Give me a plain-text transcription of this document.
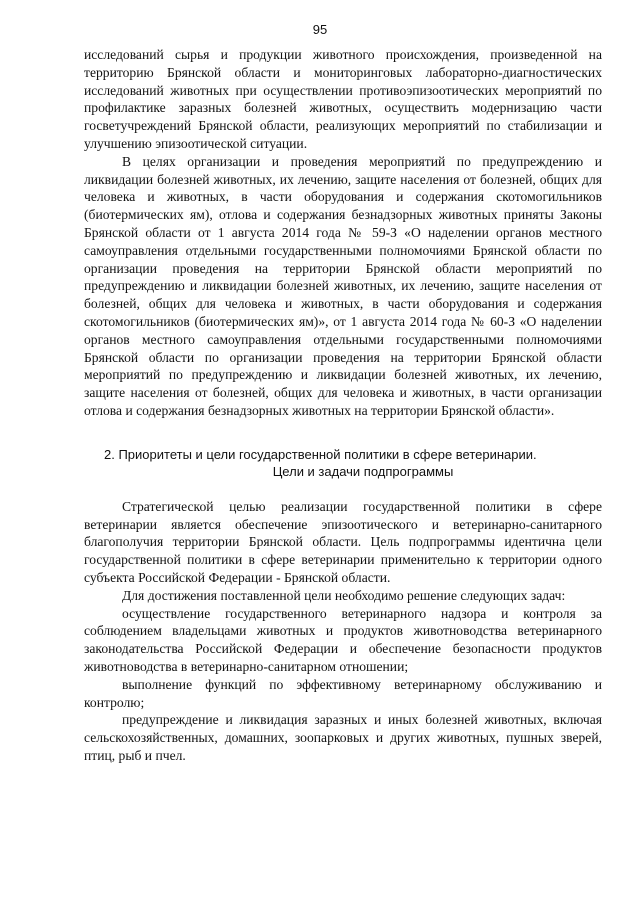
95

исследований сырья и продукции животного происхождения, произведенной на территорию Брянской области и мониторинговых лабораторно-диагностических исследований животных при осуществлении противоэпизоотических мероприятий по профилактике заразных болезней животных, осуществить модернизацию части госветучреждений Брянской области, реализующих мероприятий по стабилизации и улучшению эпизоотической ситуации.

В целях организации и проведения мероприятий по предупреждению и ликвидации болезней животных, их лечению, защите населения от болезней, общих для человека и животных, в части оборудования и содержания скотомогильников (биотермических ям), отлова и содержания безнадзорных животных приняты Законы Брянской области от 1 августа 2014 года № 59-З «О наделении органов местного самоуправления отдельными государственными полномочиями Брянской области по организации проведения на территории Брянской области мероприятий по предупреждению и ликвидации болезней животных, их лечению, защите населения от болезней, общих для человека и животных, в части оборудования и содержания скотомогильников (биотермических ям)», от 1 августа 2014 года № 60-З «О наделении органов местного самоуправления отдельными государственными полномочиями Брянской области по организации проведения на территории Брянской области мероприятий по предупреждению и ликвидации болезней животных, их лечению, защите населения от болезней, общих для человека и животных, в части организации отлова и содержания безнадзорных животных на территории Брянской области».

2. Приоритеты и цели государственной политики в сфере ветеринарии.
Цели и задачи подпрограммы

Стратегической целью реализации государственной политики в сфере ветеринарии является обеспечение эпизоотического и ветеринарно-санитарного благополучия территории Брянской области. Цель подпрограммы идентична цели государственной политики в сфере ветеринарии применительно к территории одного субъекта Российской Федерации - Брянской области.

Для достижения поставленной цели необходимо решение следующих задач:

осуществление государственного ветеринарного надзора и контроля за соблюдением владельцами животных и продуктов животноводства ветеринарного законодательства Российской Федерации и обеспечение безопасности продуктов животноводства в ветеринарно-санитарном отношении;

выполнение функций по эффективному ветеринарному обслуживанию и контролю;

предупреждение и ликвидация заразных и иных болезней животных, включая сельскохозяйственных, домашних, зоопарковых и других животных, пушных зверей, птиц, рыб и пчел.
